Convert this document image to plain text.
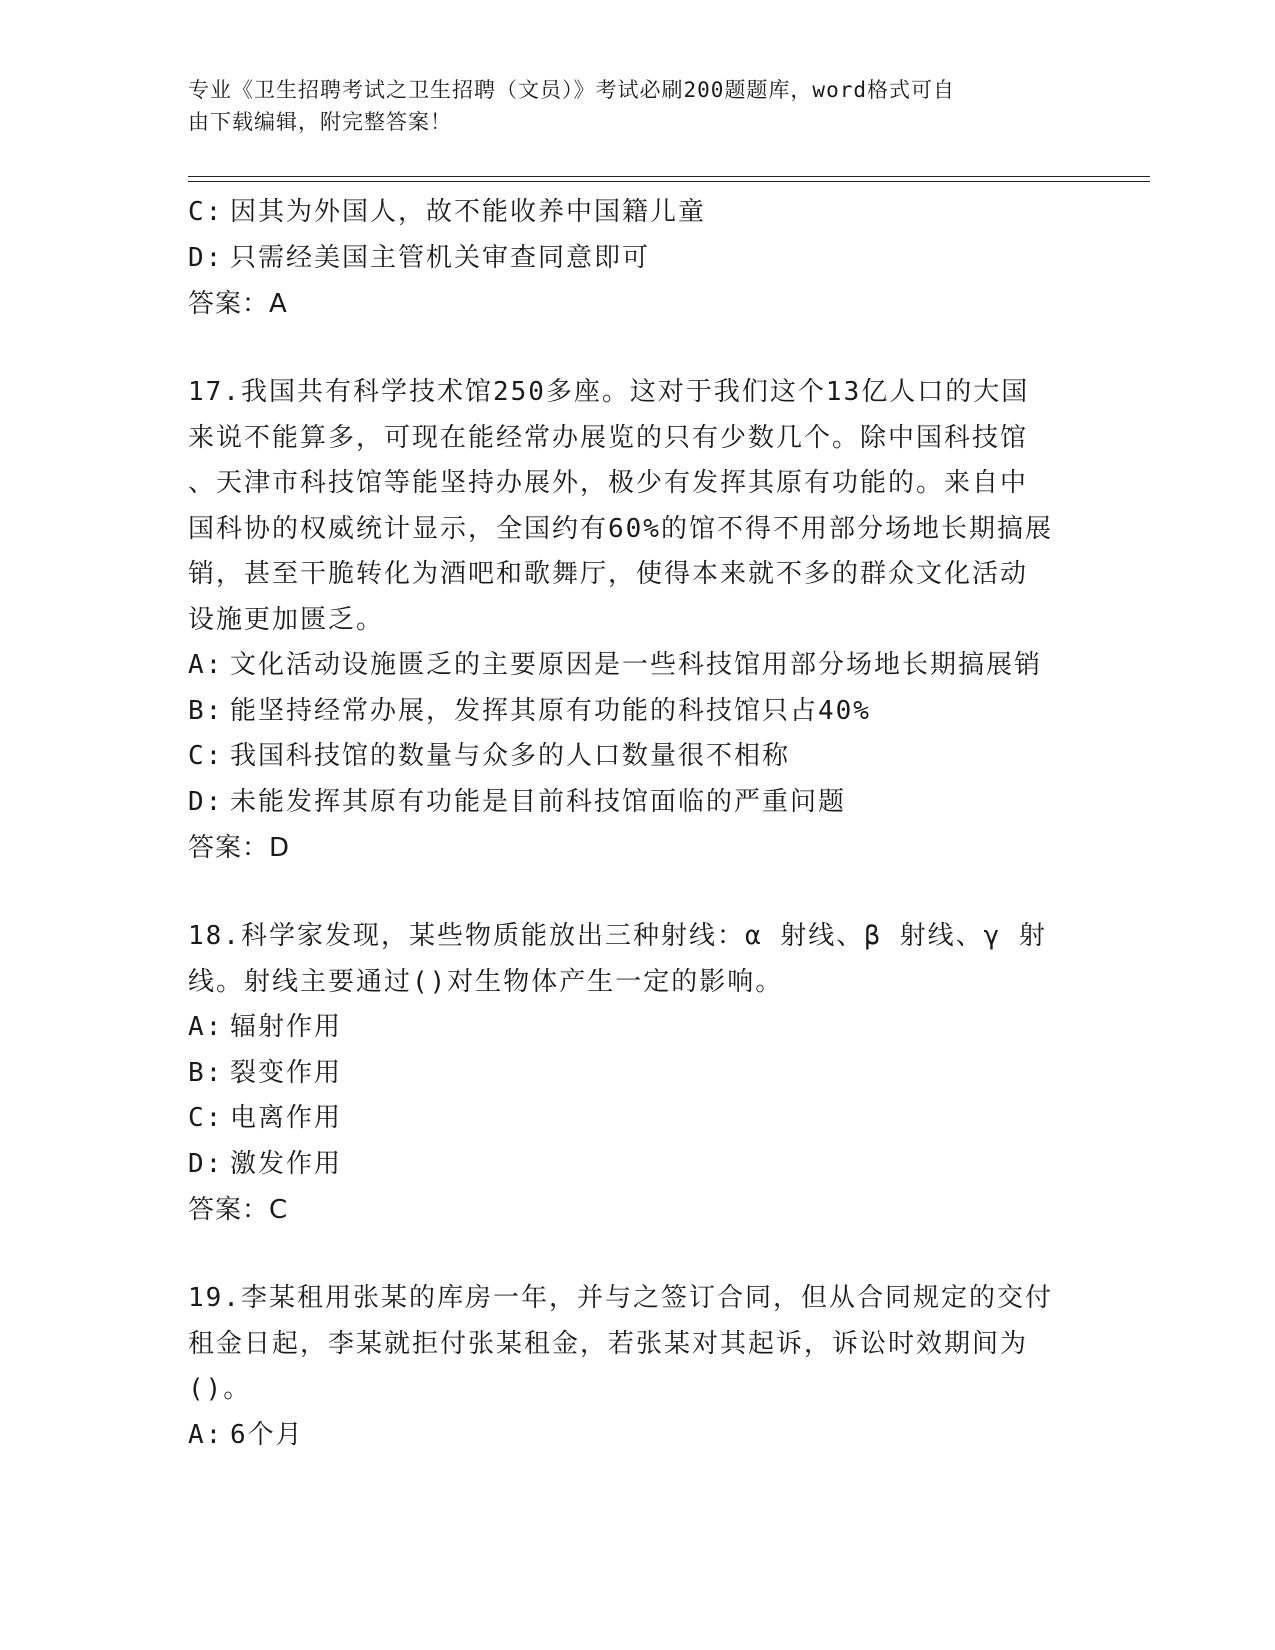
专业《卫生招聘考试之卫生招聘（文员）》考试必刷200题题库，word格式可自
由下载编辑，附完整答案！
C: 因其为外国人，故不能收养中国籍儿童
D: 只需经美国主管机关审查同意即可
答案：A
17.我国共有科学技术馆250多座。这对于我们这个13亿人口的大国
来说不能算多，可现在能经常办展览的只有少数几个。除中国科技馆
、天津市科技馆等能坚持办展外，极少有发挥其原有功能的。来自中
国科协的权威统计显示，全国约有60%的馆不得不用部分场地长期搞展
销，甚至干脆转化为酒吧和歌舞厅，使得本来就不多的群众文化活动
设施更加匮乏。
A: 文化活动设施匮乏的主要原因是一些科技馆用部分场地长期搞展销
B: 能坚持经常办展，发挥其原有功能的科技馆只占40%
C: 我国科技馆的数量与众多的人口数量很不相称
D: 未能发挥其原有功能是目前科技馆面临的严重问题
答案：D
18.科学家发现，某些物质能放出三种射线：α 射线、β 射线、γ 射
线。射线主要通过()对生物体产生一定的影响。
A: 辐射作用
B: 裂变作用
C: 电离作用
D: 激发作用
答案：C
19.李某租用张某的库房一年，并与之签订合同，但从合同规定的交付
租金日起，李某就拒付张某租金，若张某对其起诉，诉讼时效期间为
()。
A: 6个月
